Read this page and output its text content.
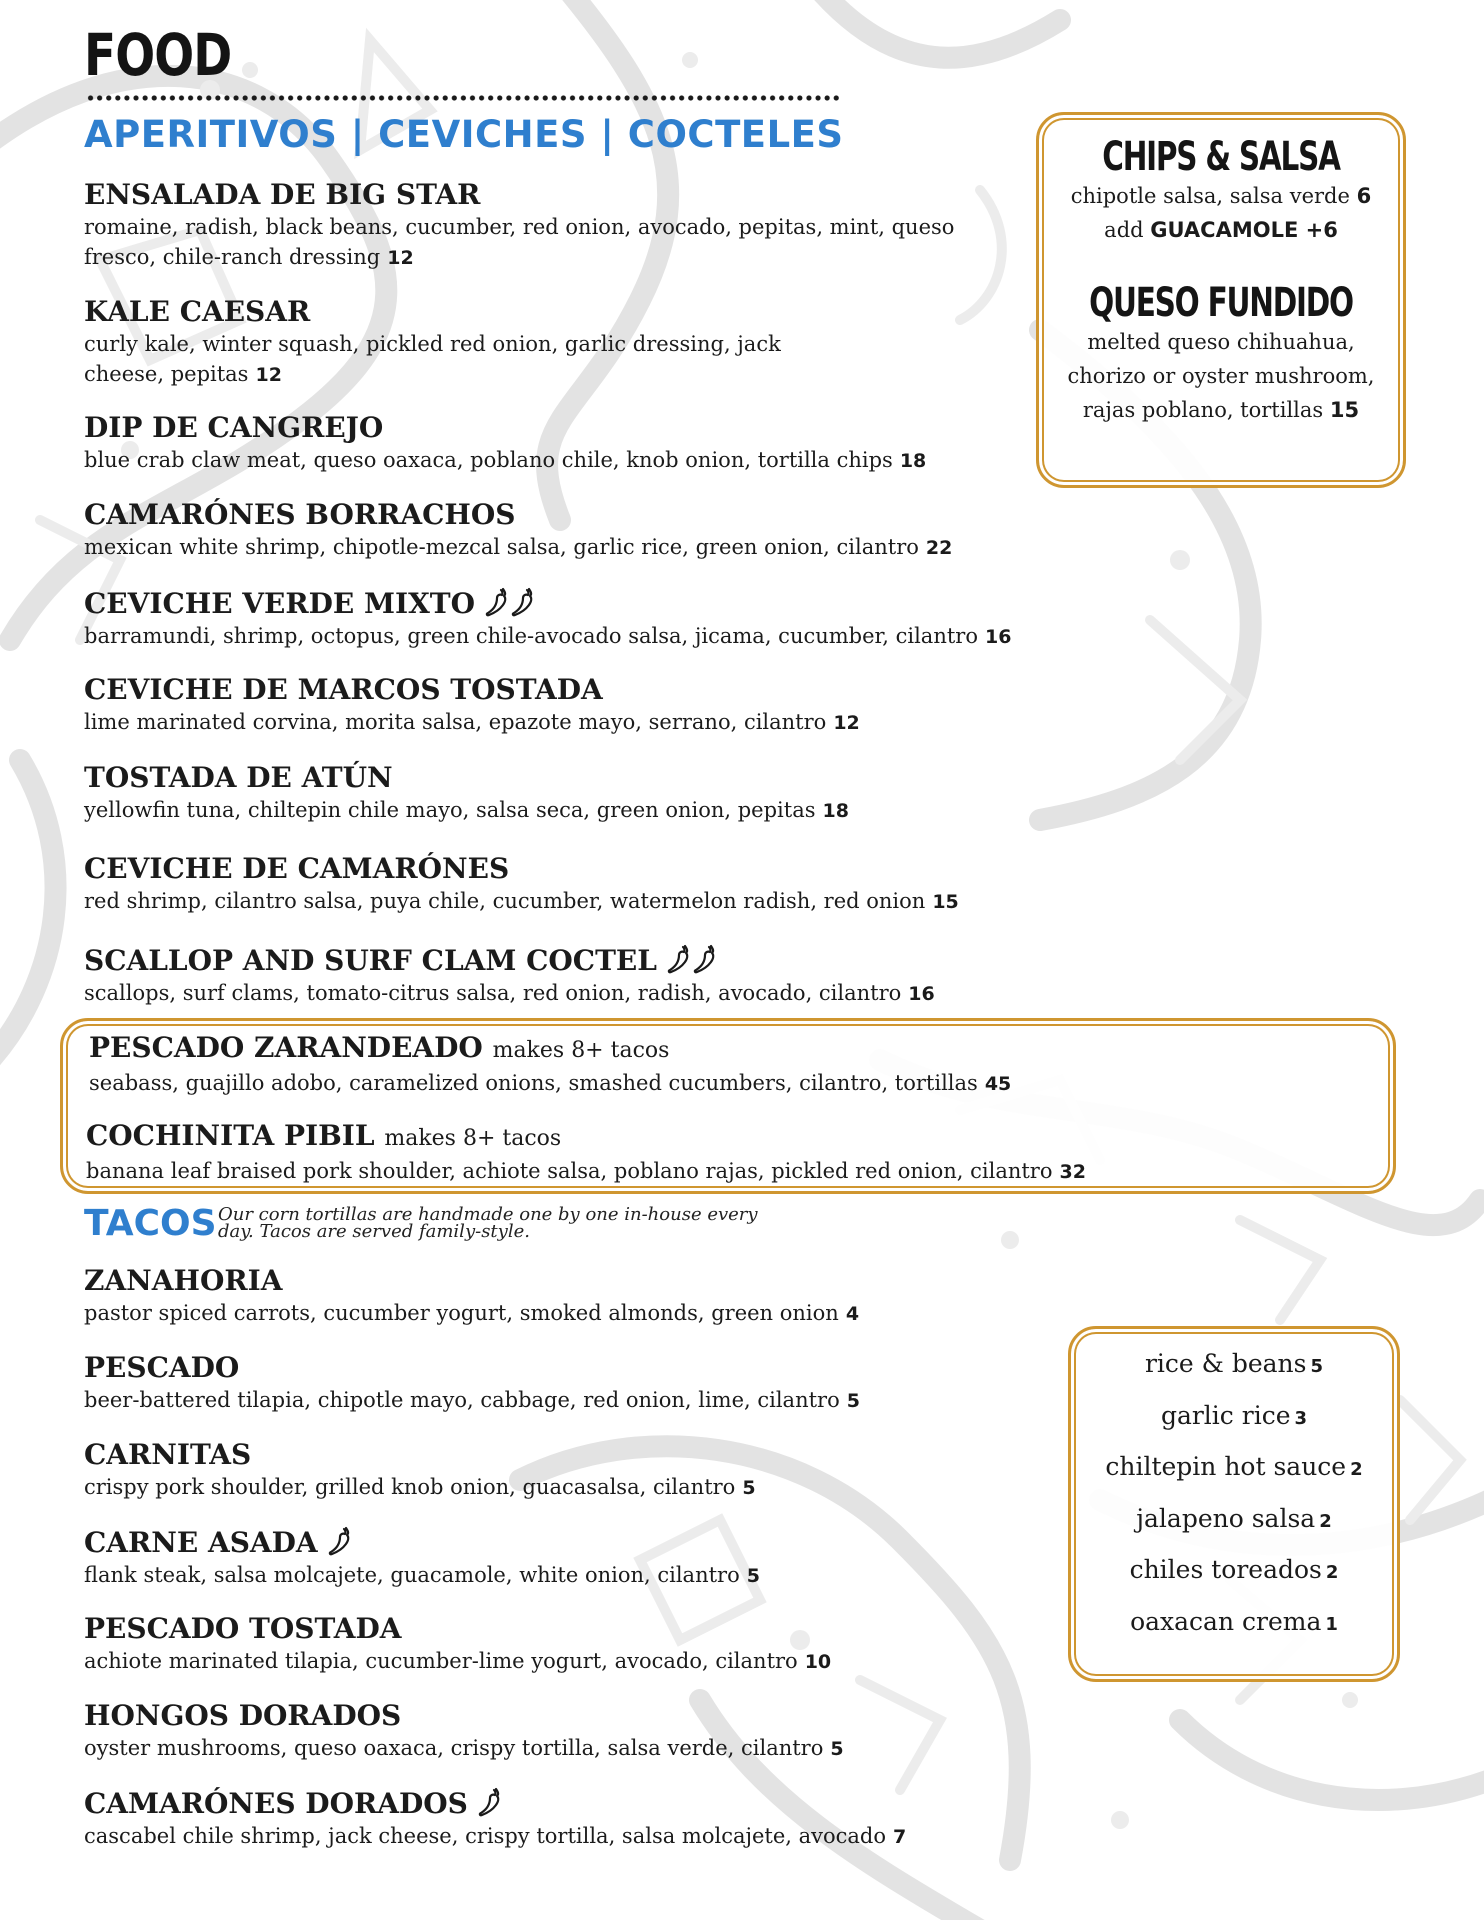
FOOD
APERITIVOS | CEVICHES | COCTELES
ENSALADA DE BIG STAR
romaine, radish, black beans, cucumber, red onion, avocado, pepitas, mint, queso fresco, chile-ranch dressing 12
KALE CAESAR
curly kale, winter squash, pickled red onion, garlic dressing, jack cheese, pepitas 12
DIP DE CANGREJO
blue crab claw meat, queso oaxaca, poblano chile, knob onion, tortilla chips 18
CAMARÓNES BORRACHOS
mexican white shrimp, chipotle-mezcal salsa, garlic rice, green onion, cilantro 22
CEVICHE VERDE MIXTO
barramundi, shrimp, octopus, green chile-avocado salsa, jicama, cucumber, cilantro 16
CEVICHE DE MARCOS TOSTADA
lime marinated corvina, morita salsa, epazote mayo, serrano, cilantro 12
TOSTADA DE ATÚN
yellowfin tuna, chiltepin chile mayo, salsa seca, green onion, pepitas 18
CEVICHE DE CAMARÓNES
red shrimp, cilantro salsa, puya chile, cucumber, watermelon radish, red onion 15
SCALLOP AND SURF CLAM COCTEL
scallops, surf clams, tomato-citrus salsa, red onion, radish, avocado, cilantro 16
PESCADO ZARANDEADO makes 8+ tacos
seabass, guajillo adobo, caramelized onions, smashed cucumbers, cilantro, tortillas 45
COCHINITA PIBIL makes 8+ tacos
banana leaf braised pork shoulder, achiote salsa, poblano rajas, pickled red onion, cilantro 32
TACOS Our corn tortillas are handmade one by one in-house every day. Tacos are served family-style.
ZANAHORIA
pastor spiced carrots, cucumber yogurt, smoked almonds, green onion 4
PESCADO
beer-battered tilapia, chipotle mayo, cabbage, red onion, lime, cilantro 5
CARNITAS
crispy pork shoulder, grilled knob onion, guacasalsa, cilantro 5
CARNE ASADA
flank steak, salsa molcajete, guacamole, white onion, cilantro 5
PESCADO TOSTADA
achiote marinated tilapia, cucumber-lime yogurt, avocado, cilantro 10
HONGOS DORADOS
oyster mushrooms, queso oaxaca, crispy tortilla, salsa verde, cilantro 5
CAMARÓNES DORADOS
cascabel chile shrimp, jack cheese, crispy tortilla, salsa molcajete, avocado 7
CHIPS & SALSA
chipotle salsa, salsa verde 6
add GUACAMOLE +6
QUESO FUNDIDO
melted queso chihuahua,
chorizo or oyster mushroom,
rajas poblano, tortillas 15
rice & beans 5
garlic rice 3
chiltepin hot sauce 2
jalapeno salsa 2
chiles toreados 2
oaxacan crema 1
